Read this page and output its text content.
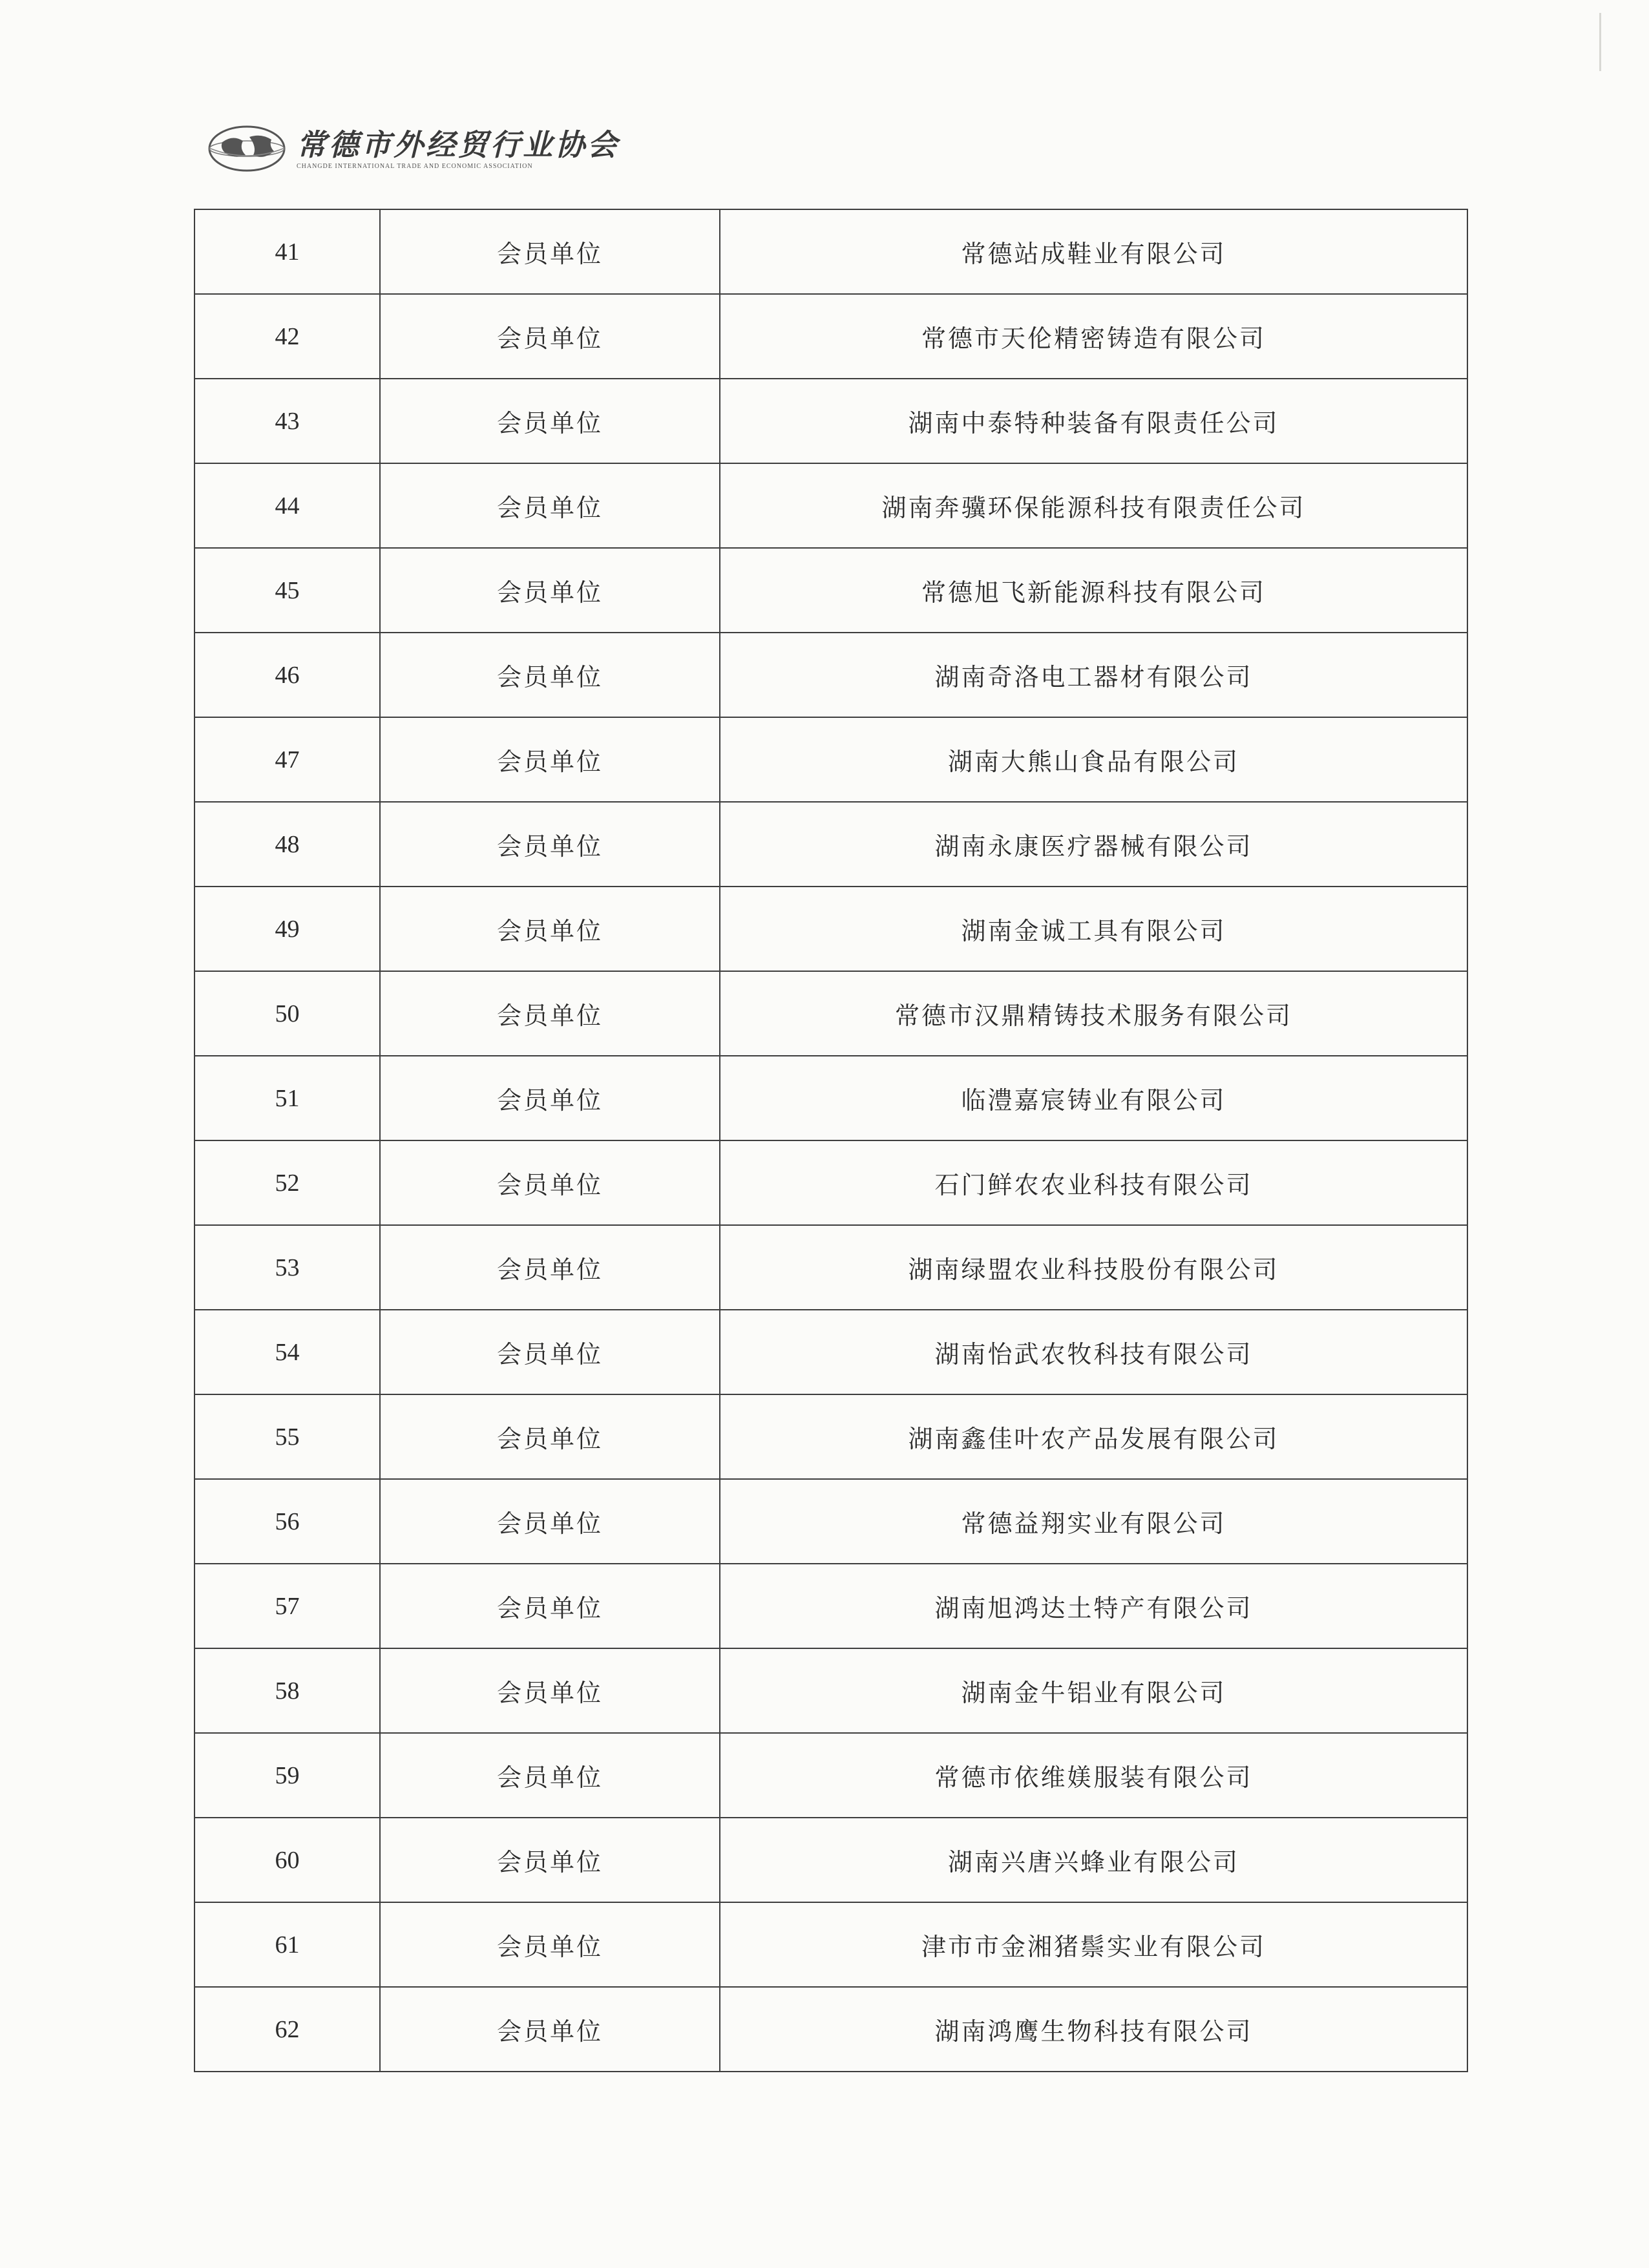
常德市外经贸行业协会
CHANGDE INTERNATIONAL TRADE AND ECONOMIC ASSOCIATION
41	会员单位	常德站成鞋业有限公司
42	会员单位	常德市天伦精密铸造有限公司
43	会员单位	湖南中泰特种装备有限责任公司
44	会员单位	湖南奔骥环保能源科技有限责任公司
45	会员单位	常德旭飞新能源科技有限公司
46	会员单位	湖南奇洛电工器材有限公司
47	会员单位	湖南大熊山食品有限公司
48	会员单位	湖南永康医疗器械有限公司
49	会员单位	湖南金诚工具有限公司
50	会员单位	常德市汉鼎精铸技术服务有限公司
51	会员单位	临澧嘉宸铸业有限公司
52	会员单位	石门鲜农农业科技有限公司
53	会员单位	湖南绿盟农业科技股份有限公司
54	会员单位	湖南怡武农牧科技有限公司
55	会员单位	湖南鑫佳叶农产品发展有限公司
56	会员单位	常德益翔实业有限公司
57	会员单位	湖南旭鸿达土特产有限公司
58	会员单位	湖南金牛铝业有限公司
59	会员单位	常德市依维媄服装有限公司
60	会员单位	湖南兴唐兴蜂业有限公司
61	会员单位	津市市金湘猪鬃实业有限公司
62	会员单位	湖南鸿鹰生物科技有限公司
